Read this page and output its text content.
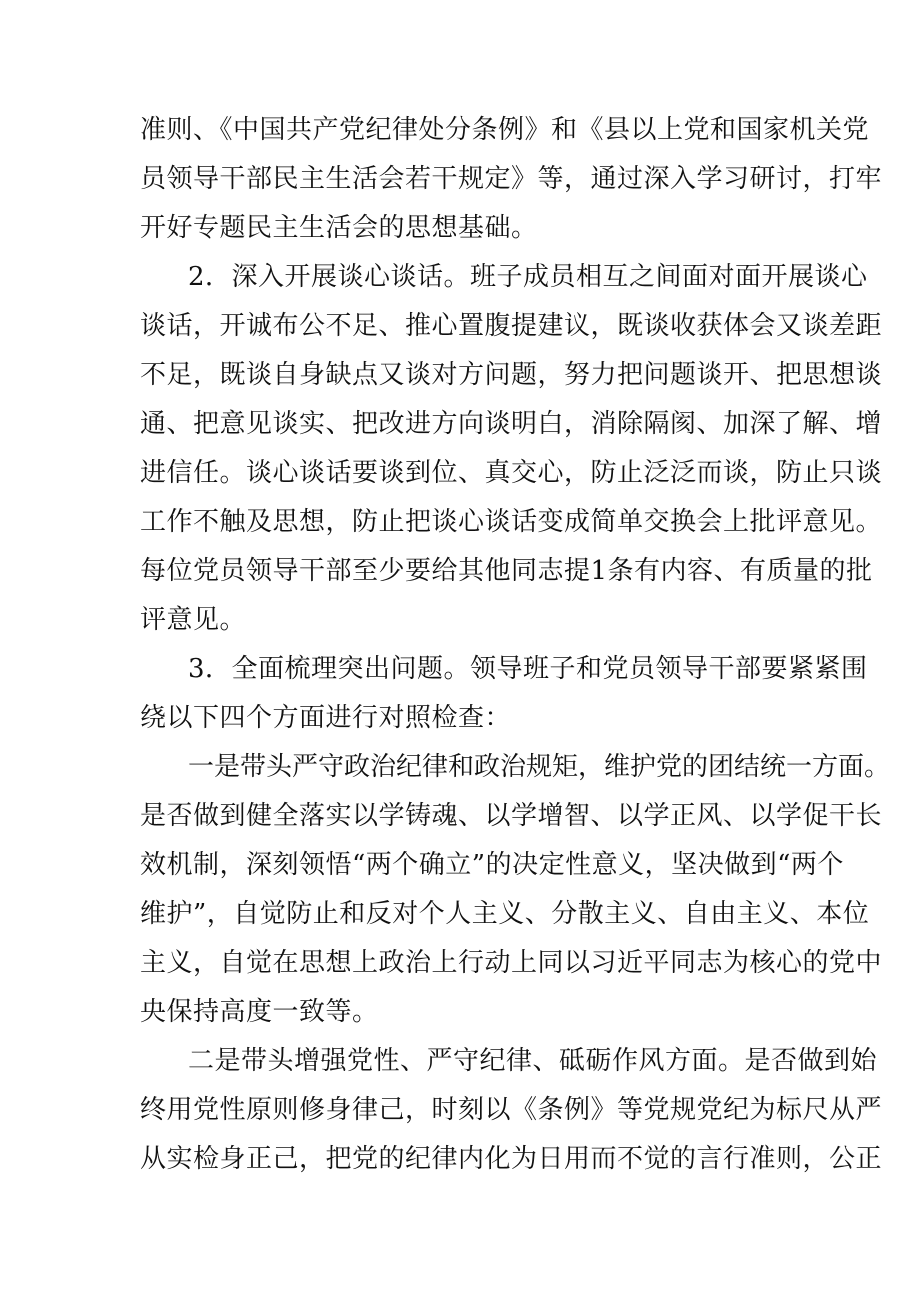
准则、《中国共产党纪律处分条例》和《县以上党和国家机关党
员领导干部民主生活会若干规定》等，通过深入学习研讨，打牢
开好专题民主生活会的思想基础。
2．深入开展谈心谈话。班子成员相互之间面对面开展谈心
谈话，开诚布公不足、推心置腹提建议，既谈收获体会又谈差距
不足，既谈自身缺点又谈对方问题，努力把问题谈开、把思想谈
通、把意见谈实、把改进方向谈明白，消除隔阂、加深了解、增
进信任。谈心谈话要谈到位、真交心，防止泛泛而谈，防止只谈
工作不触及思想，防止把谈心谈话变成简单交换会上批评意见。
每位党员领导干部至少要给其他同志提1条有内容、有质量的批
评意见。
3．全面梳理突出问题。领导班子和党员领导干部要紧紧围
绕以下四个方面进行对照检查：
一是带头严守政治纪律和政治规矩，维护党的团结统一方面。
是否做到健全落实以学铸魂、以学增智、以学正风、以学促干长
效机制，深刻领悟“两个确立”的决定性意义，坚决做到“两个
维护”，自觉防止和反对个人主义、分散主义、自由主义、本位
主义，自觉在思想上政治上行动上同以习近平同志为核心的党中
央保持高度一致等。
二是带头增强党性、严守纪律、砥砺作风方面。是否做到始
终用党性原则修身律己，时刻以《条例》等党规党纪为标尺从严
从实检身正己，把党的纪律内化为日用而不觉的言行准则，公正
